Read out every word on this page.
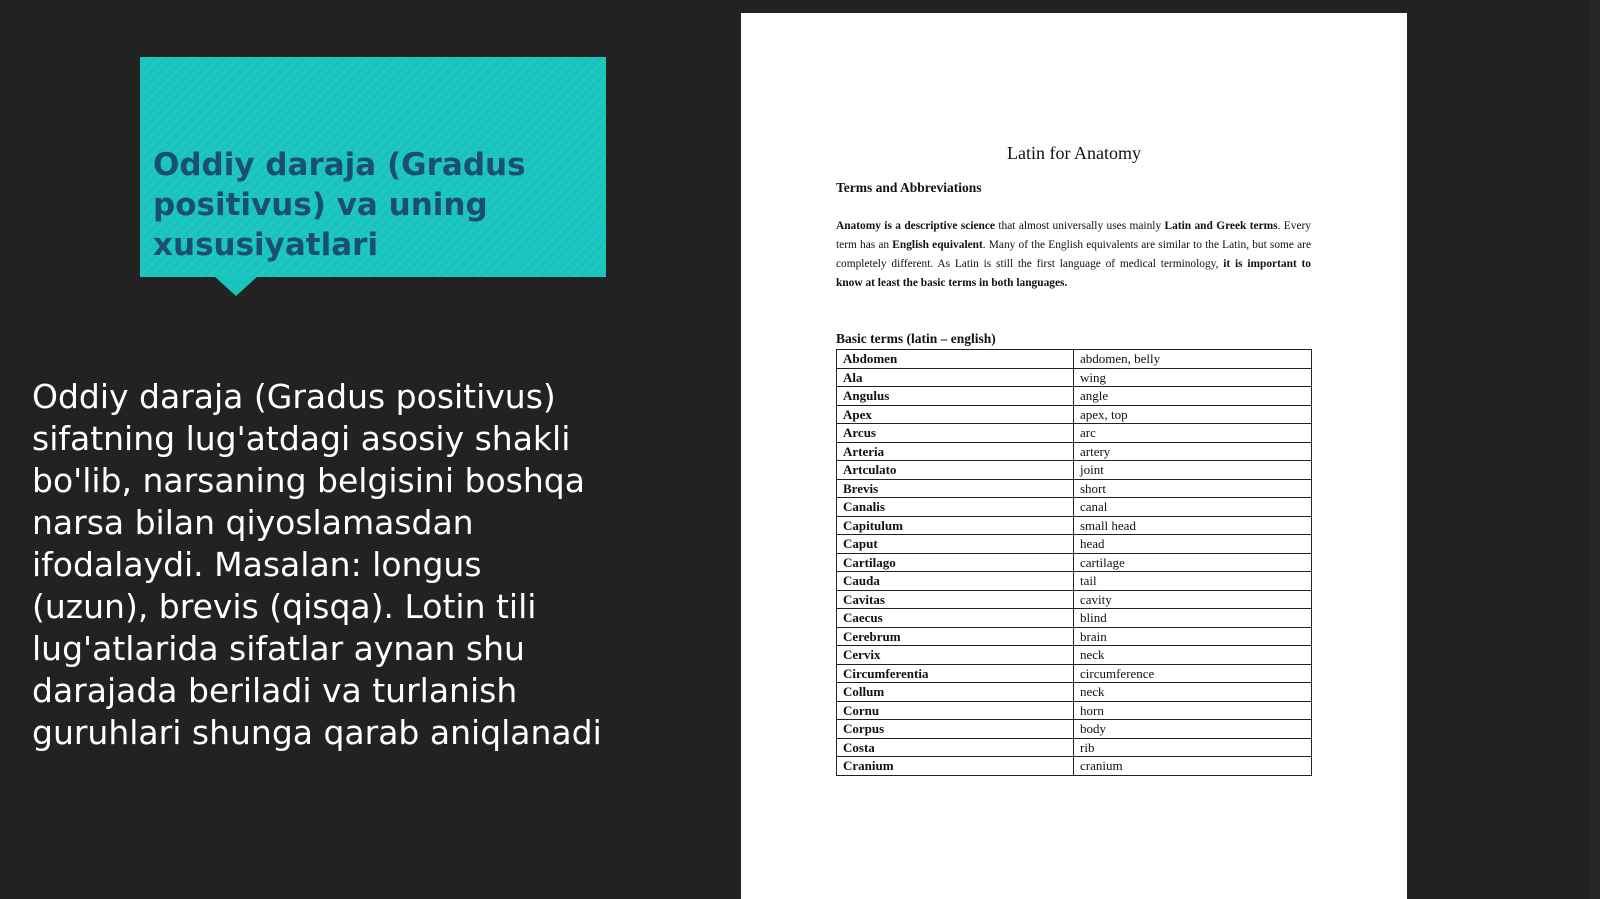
Oddiy daraja (Gradus positivus) va uning xususiyatlari

Oddiy daraja (Gradus positivus) sifatning lug'atdagi asosiy shakli bo'lib, narsaning belgisini boshqa narsa bilan qiyoslamasdan ifodalaydi. Masalan: longus (uzun), brevis (qisqa). Lotin tili lug'atlarida sifatlar aynan shu darajada beriladi va turlanish guruhlari shunga qarab aniqlanadi

Latin for Anatomy

Terms and Abbreviations

Anatomy is a descriptive science that almost universally uses mainly Latin and Greek terms. Every term has an English equivalent. Many of the English equivalents are similar to the Latin, but some are completely different. As Latin is still the first language of medical terminology, it is important to know at least the basic terms in both languages.

Basic terms (latin – english)

Abdomen	abdomen, belly
Ala	wing
Angulus	angle
Apex	apex, top
Arcus	arc
Arteria	artery
Artculato	joint
Brevis	short
Canalis	canal
Capitulum	small head
Caput	head
Cartilago	cartilage
Cauda	tail
Cavitas	cavity
Caecus	blind
Cerebrum	brain
Cervix	neck
Circumferentia	circumference
Collum	neck
Cornu	horn
Corpus	body
Costa	rib
Cranium	cranium
